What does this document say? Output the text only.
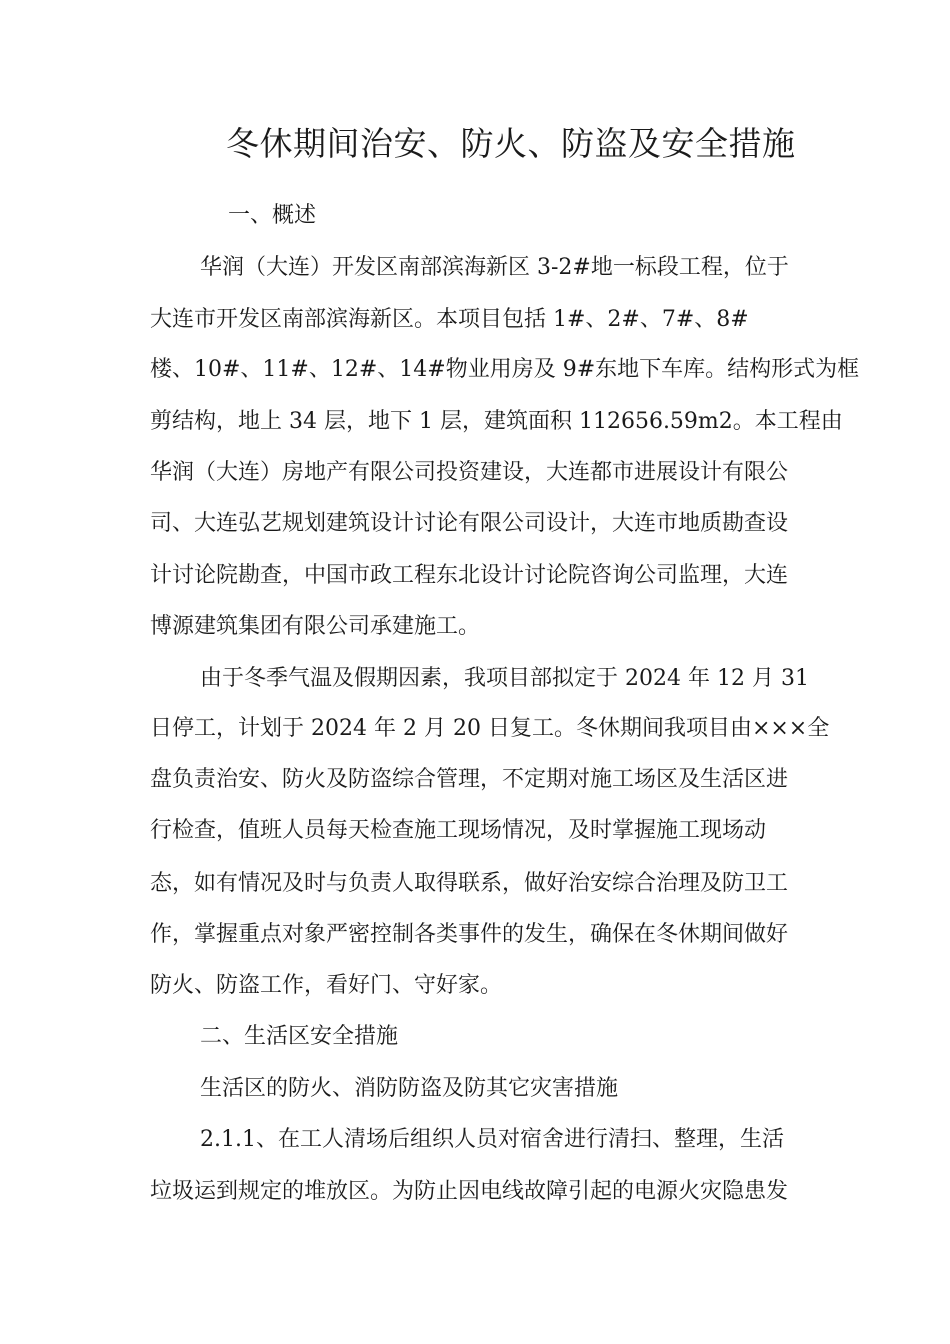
冬休期间治安、防火、防盗及安全措施
一、概述
华润（大连）开发区南部滨海新区 3-2#地一标段工程，位于
大连市开发区南部滨海新区。本项目包括 1#、2#、7#、8#
楼、10#、11#、12#、14#物业用房及 9#东地下车库。结构形式为框
剪结构，地上 34 层，地下 1 层，建筑面积 112656.59m2。本工程由
华润（大连）房地产有限公司投资建设，大连都市进展设计有限公
司、大连弘艺规划建筑设计讨论有限公司设计，大连市地质勘查设
计讨论院勘查，中国市政工程东北设计讨论院咨询公司监理，大连
博源建筑集团有限公司承建施工。
由于冬季气温及假期因素，我项目部拟定于 2024 年 12 月 31
日停工，计划于 2024 年 2 月 20 日复工。冬休期间我项目由×××全
盘负责治安、防火及防盗综合管理，不定期对施工场区及生活区进
行检查，值班人员每天检查施工现场情况，及时掌握施工现场动
态，如有情况及时与负责人取得联系，做好治安综合治理及防卫工
作，掌握重点对象严密控制各类事件的发生，确保在冬休期间做好
防火、防盗工作，看好门、守好家。
二、生活区安全措施
生活区的防火、消防防盗及防其它灾害措施
2.1.1、在工人清场后组织人员对宿舍进行清扫、整理，生活
垃圾运到规定的堆放区。为防止因电线故障引起的电源火灾隐患发
